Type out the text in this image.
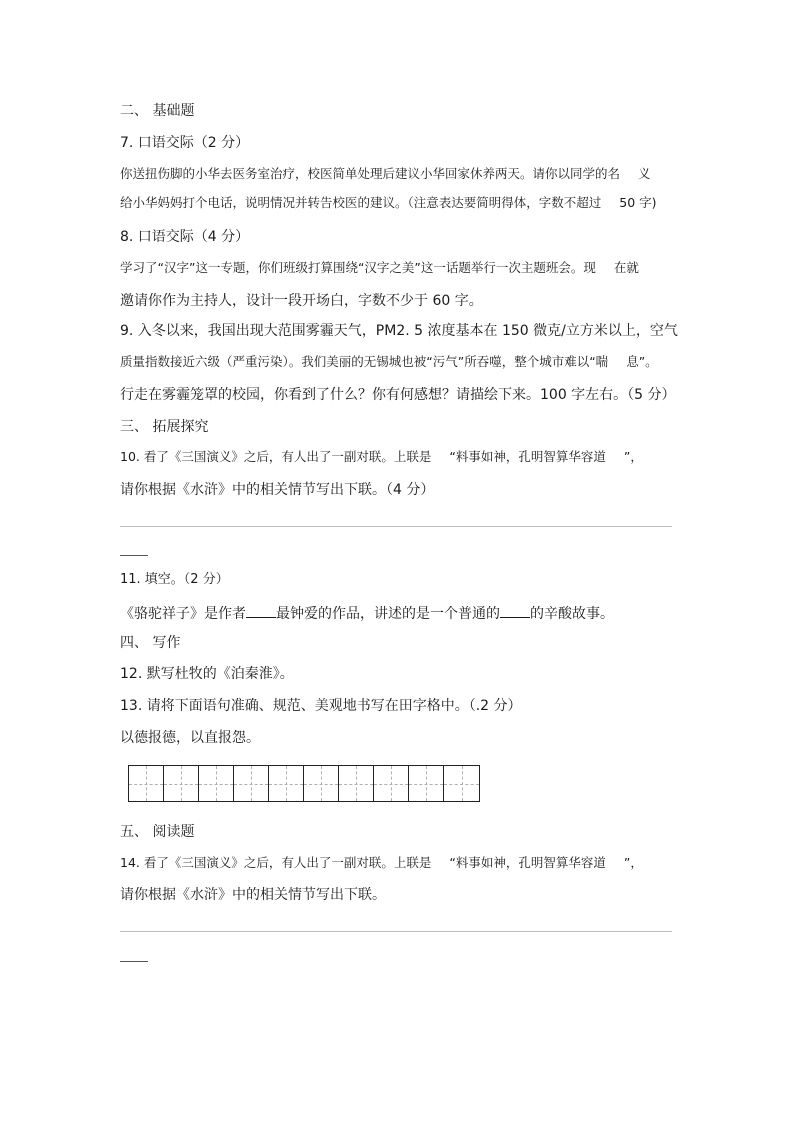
二、 基础题
7. 口语交际（2 分）
你送扭伤脚的小华去医务室治疗，校医简单处理后建议小华回家休养两天。请你以同学的名 义
给小华妈妈打个电话，说明情况并转告校医的建议。（注意表达要简明得体，字数不超过 50 字)
8. 口语交际（4 分）
学习了“汉字”这一专题，你们班级打算围绕“汉字之美”这一话题举行一次主题班会。现 在就
邀请你作为主持人，设计一段开场白，字数不少于 60 字。
9. 入冬以来，我国出现大范围雾霾天气，PM2. 5 浓度基本在 150 微克/立方米以上，空气
质量指数接近六级（严重污染）。我们美丽的无锡城也被“污气”所吞噬，整个城市难以“喘 息”。
行走在雾霾笼罩的校园，你看到了什么？你有何感想？请描绘下来。100 字左右。（5 分）
三、 拓展探究
10. 看了《三国演义》之后，有人出了一副对联。上联是 “料事如神，孔明智算华容道 ”，
请你根据《水浒》中的相关情节写出下联。（4 分）
11. 填空。（2 分）
《骆驼祥子》是作者 最钟爱的作品，讲述的是一个普通的 的辛酸故事。
四、 写作
12. 默写杜牧的《泊秦淮》。
13. 请将下面语句准确、规范、美观地书写在田字格中。（.2 分）
以德报德，以直报怨。
五、 阅读题
14. 看了《三国演义》之后，有人出了一副对联。上联是 “料事如神，孔明智算华容道 ”，
请你根据《水浒》中的相关情节写出下联。
